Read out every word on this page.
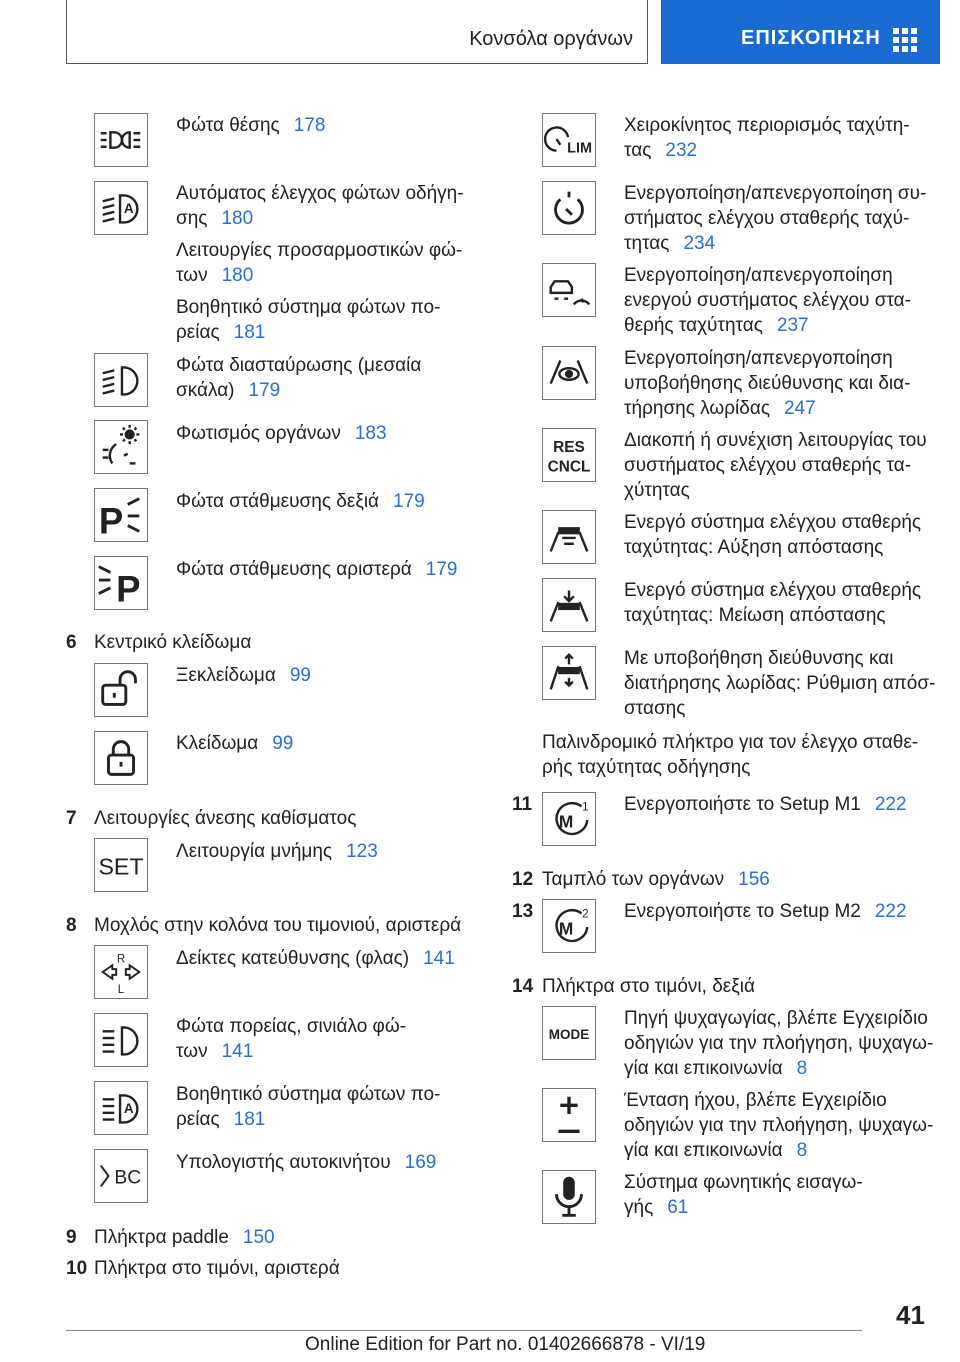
Κονσόλα οργάνων	ΕΠΙΣΚΟΠΗΣΗ
Φώτα θέσης 178
A
Αυτόματος έλεγχος φώτων οδήγη-
σης 180
Λειτουργίες προσαρμοστικών φώ-
των 180
Βοηθητικό σύστημα φώτων πο-
ρείας 181
Φώτα διασταύρωσης (μεσαία
σκάλα) 179
Φωτισμός οργάνων 183
P	Φώτα στάθμευσης δεξιά 179
P Φώτα στάθμευσης αριστερά 179
6 Κεντρικό κλείδωμα
Ξεκλείδωμα 99
Κλείδωμα 99
7 Λειτουργίες άνεσης καθίσματος
SET
Λειτουργία μνήμης 123
8 Μοχλός στην κολόνα του τιμονιού, αριστερά
R
L
Δείκτες κατεύθυνσης (φλας) 141
Φώτα πορείας, σινιάλο φώ-
των 141
A
Βοηθητικό σύστημα φώτων πο-
ρείας 181
BC
Υπολογιστής αυτοκινήτου 169
9 Πλήκτρα paddle 150
10 Πλήκτρα στο τιμόνι, αριστερά
LIM
Χειροκίνητος περιορισμός ταχύτη-
τας 232
Ενεργοποίηση/απενεργοποίηση συ-
στήματος ελέγχου σταθερής ταχύ-
τητας 234
Ενεργοποίηση/απενεργοποίηση
ενεργού συστήματος ελέγχου στα-
θερής ταχύτητας 237
Ενεργοποίηση/απενεργοποίηση
υποβοήθησης διεύθυνσης και δια-
τήρησης λωρίδας 247
RES
CNCL
Διακοπή ή συνέχιση λειτουργίας του
συστήματος ελέγχου σταθερής τα-
χύτητας
Ενεργό σύστημα ελέγχου σταθερής
ταχύτητας: Αύξηση απόστασης
Ενεργό σύστημα ελέγχου σταθερής
ταχύτητας: Μείωση απόστασης
Με υποβοήθηση διεύθυνσης και
διατήρησης λωρίδας: Ρύθμιση απόσ-
στασης
Παλινδρομικό πλήκτρο για τον έλεγχο σταθε-
ρής ταχύτητας οδήγησης
11
M
1 Ενεργοποιήστε το Setup M1 222
12 Ταμπλό των οργάνων 156
13
M
2 Ενεργοποιήστε το Setup M2 222
14 Πλήκτρα στο τιμόνι, δεξιά
MODE
Πηγή ψυχαγωγίας, βλέπε Εγχειρίδιο
οδηγιών για την πλοήγηση, ψυχαγω-
γία και επικοινωνία 8
Ένταση ήχου, βλέπε Εγχειρίδιο
οδηγιών για την πλοήγηση, ψυχαγω-
γία και επικοινωνία 8
Σύστημα φωνητικής εισαγω-
γής 61
41
Online Edition for Part no. 01402666878 - VI/19
